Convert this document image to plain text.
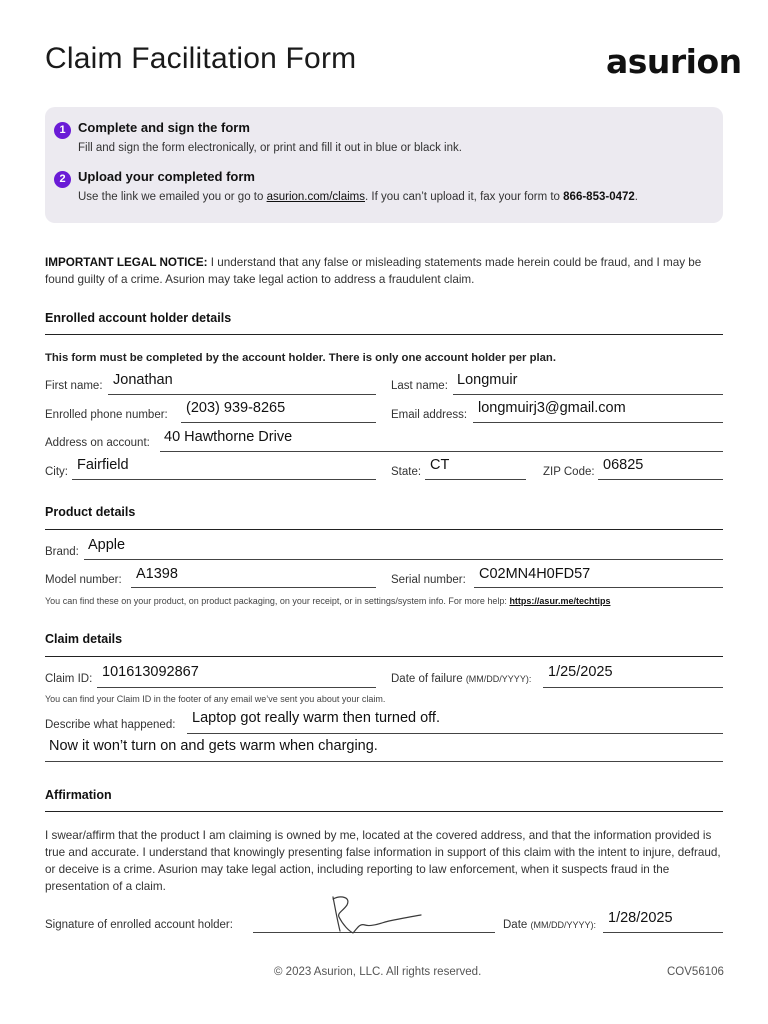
Claim Facilitation Form	asurion
1 Complete and sign the form
Fill and sign the form electronically, or print and fill it out in blue or black ink.
2 Upload your completed form
Use the link we emailed you or go to asurion.com/claims. If you can’t upload it, fax your form to 866-853-0472.
IMPORTANT LEGAL NOTICE: I understand that any false or misleading statements made herein could be fraud, and I may be found guilty of a crime. Asurion may take legal action to address a fraudulent claim.
Enrolled account holder details
This form must be completed by the account holder. There is only one account holder per plan.
First name: Jonathan	Last name: Longmuir
Enrolled phone number: (203) 939-8265	Email address: longmuirj3@gmail.com
Address on account: 40 Hawthorne Drive
City: Fairfield	State: CT	ZIP Code: 06825
Product details
Brand: Apple
Model number: A1398	Serial number: C02MN4H0FD57
You can find these on your product, on product packaging, on your receipt, or in settings/system info. For more help: https://asur.me/techtips
Claim details
Claim ID: 101613092867	Date of failure (MM/DD/YYYY): 1/25/2025
You can find your Claim ID in the footer of any email we’ve sent you about your claim.
Describe what happened: Laptop got really warm then turned off.
Now it won’t turn on and gets warm when charging.
Affirmation
I swear/affirm that the product I am claiming is owned by me, located at the covered address, and that the information provided is true and accurate. I understand that knowingly presenting false information in support of this claim with the intent to injure, defraud, or deceive is a crime. Asurion may take legal action, including reporting to law enforcement, when it suspects fraud in the presentation of a claim.
Signature of enrolled account holder:	Date (MM/DD/YYYY): 1/28/2025
© 2023 Asurion, LLC. All rights reserved.	COV56106
